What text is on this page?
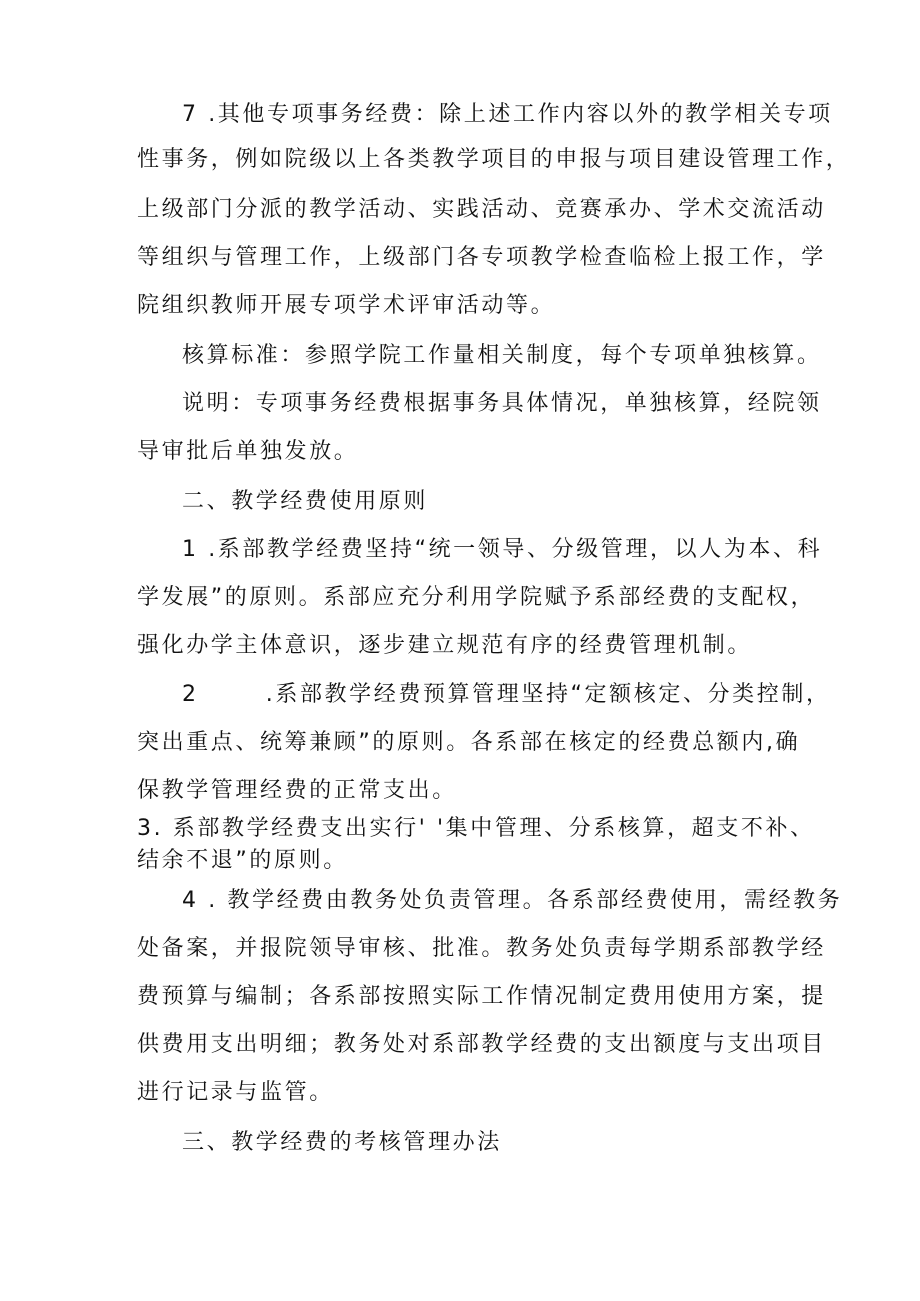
7 .其他专项事务经费：除上述工作内容以外的教学相关专项
性事务，例如院级以上各类教学项目的申报与项目建设管理工作，
上级部门分派的教学活动、实践活动、竞赛承办、学术交流活动
等组织与管理工作，上级部门各专项教学检查临检上报工作，学
院组织教师开展专项学术评审活动等。
核算标准：参照学院工作量相关制度，每个专项单独核算。
说明：专项事务经费根据事务具体情况，单独核算，经院领
导审批后单独发放。
二、教学经费使用原则
1 .系部教学经费坚持“统一领导、分级管理，以人为本、科
学发展”的原则。系部应充分利用学院赋予系部经费的支配权，
强化办学主体意识，逐步建立规范有序的经费管理机制。
2       .系部教学经费预算管理坚持“定额核定、分类控制，
突出重点、统筹兼顾”的原则。各系部在核定的经费总额内,确
保教学管理经费的正常支出。
3. 系部教学经费支出实行' '集中管理、分系核算，超支不补、
结余不退”的原则。
4 . 教学经费由教务处负责管理。各系部经费使用，需经教务
处备案，并报院领导审核、批准。教务处负责每学期系部教学经
费预算与编制；各系部按照实际工作情况制定费用使用方案，提
供费用支出明细；教务处对系部教学经费的支出额度与支出项目
进行记录与监管。
三、教学经费的考核管理办法
